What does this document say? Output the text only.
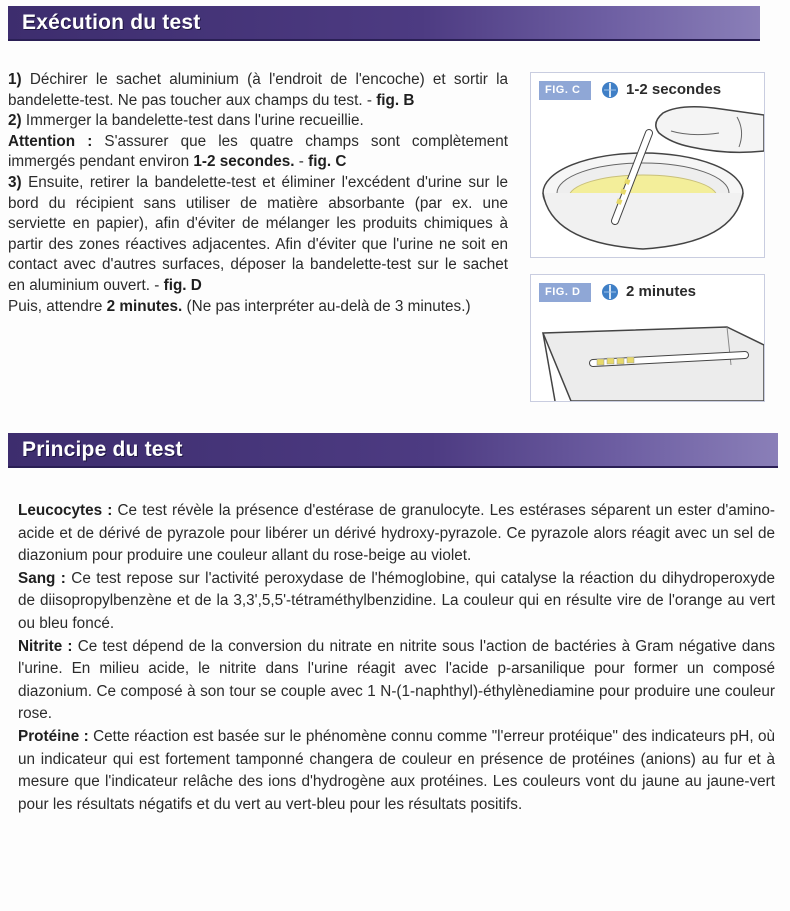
Exécution du test

1) Déchirer le sachet aluminium (à l'endroit de l'encoche) et sortir la bandelette-test. Ne pas toucher aux champs du test. - fig. B

2) Immerger la bandelette-test dans l'urine recueillie.

Attention : S'assurer que les quatre champs sont complètement immergés pendant environ 1-2 secondes. - fig. C

3) Ensuite, retirer la bandelette-test et éliminer l'excédent d'urine sur le bord du récipient sans utiliser de matière absorbante (par ex. une serviette en papier), afin d'éviter de mélanger les produits chimiques à partir des zones réactives adjacentes. Afin d'éviter que l'urine ne soit en contact avec d'autres surfaces, déposer la bandelette-test sur le sachet en aluminium ouvert. - fig. D
Puis, attendre 2 minutes. (Ne pas interpréter au-delà de 3 minutes.)

FIG. C	1-2 secondes
FIG. D	2 minutes
Principe du test

Leucocytes : Ce test révèle la présence d'estérase de granulocyte. Les estérases séparent un ester d'amino-acide et de dérivé de pyrazole pour libérer un dérivé hydroxy-pyrazole. Ce pyrazole alors réagit avec un sel de diazonium pour produire une couleur allant du rose-beige au violet.

Sang : Ce test repose sur l'activité peroxydase de l'hémoglobine, qui catalyse la réaction du dihydroperoxyde de diisopropylbenzène et de la 3,3',5,5'-tétraméthylbenzidine. La couleur qui en résulte vire de l'orange au vert ou bleu foncé.

Nitrite : Ce test dépend de la conversion du nitrate en nitrite sous l'action de bactéries à Gram négative dans l'urine. En milieu acide, le nitrite dans l'urine réagit avec l'acide p-arsanilique pour former un composé diazonium. Ce composé à son tour se couple avec 1 N-(1-naphthyl)-éthylènediamine pour produire une couleur rose.

Protéine : Cette réaction est basée sur le phénomène connu comme "l'erreur protéique" des indicateurs pH, où un indicateur qui est fortement tamponné changera de couleur en présence de protéines (anions) au fur et à mesure que l'indicateur relâche des ions d'hydrogène aux protéines. Les couleurs vont du jaune au jaune-vert pour les résultats négatifs et du vert au vert-bleu pour les résultats positifs.
